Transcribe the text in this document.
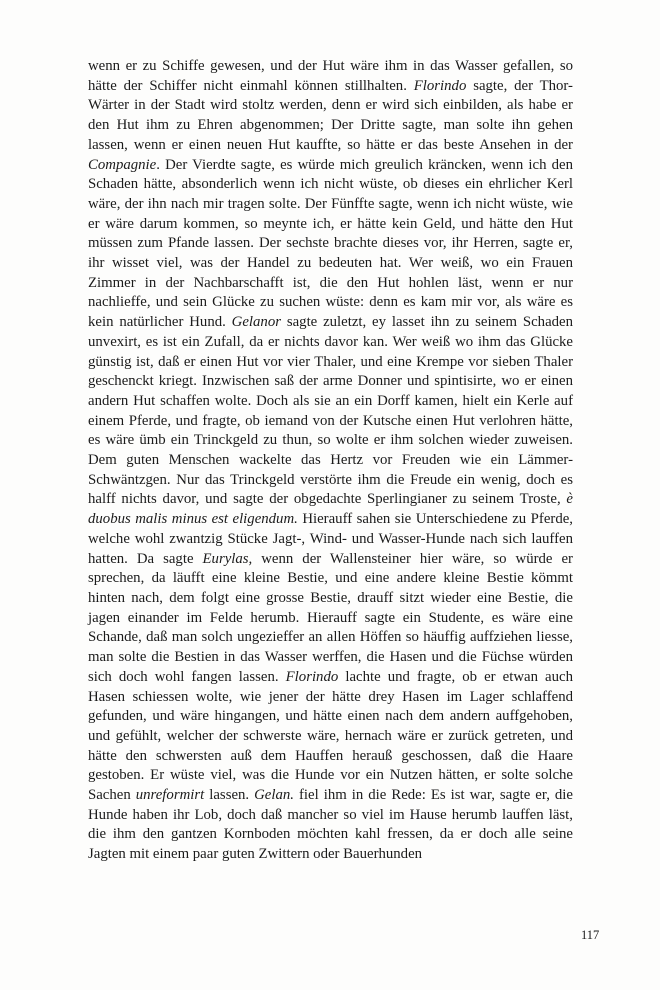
wenn er zu Schiffe gewesen, und der Hut wäre ihm in das Wasser gefallen, so hätte der Schiffer nicht einmahl können stillhalten. Florindo sagte, der Thor-Wärter in der Stadt wird stoltz werden, denn er wird sich einbilden, als habe er den Hut ihm zu Ehren abgenommen; Der Dritte sagte, man solte ihn gehen lassen, wenn er einen neuen Hut kauffte, so hätte er das beste Ansehen in der Compagnie. Der Vierdte sagte, es würde mich greulich kräncken, wenn ich den Schaden hätte, absonderlich wenn ich nicht wüste, ob dieses ein ehrlicher Kerl wäre, der ihn nach mir tragen solte. Der Fünffte sagte, wenn ich nicht wüste, wie er wäre darum kommen, so meynte ich, er hätte kein Geld, und hätte den Hut müssen zum Pfande lassen. Der sechste brachte dieses vor, ihr Herren, sagte er, ihr wisset viel, was der Handel zu bedeuten hat. Wer weiß, wo ein Frauen Zimmer in der Nachbarschafft ist, die den Hut hohlen läst, wenn er nur nachlieffe, und sein Glücke zu suchen wüste: denn es kam mir vor, als wäre es kein natürlicher Hund. Gelanor sagte zuletzt, ey lasset ihn zu seinem Schaden unvexirt, es ist ein Zufall, da er nichts davor kan. Wer weiß wo ihm das Glücke günstig ist, daß er einen Hut vor vier Thaler, und eine Krempe vor sieben Thaler geschenckt kriegt. Inzwischen saß der arme Donner und spintisirte, wo er einen andern Hut schaffen wolte. Doch als sie an ein Dorff kamen, hielt ein Kerle auf einem Pferde, und fragte, ob iemand von der Kutsche einen Hut verlohren hätte, es wäre ümb ein Trinckgeld zu thun, so wolte er ihm solchen wieder zuweisen. Dem guten Menschen wackelte das Hertz vor Freuden wie ein Lämmer-Schwäntzgen. Nur das Trinckgeld verstörte ihm die Freude ein wenig, doch es halff nichts davor, und sagte der obgedachte Sperlingianer zu seinem Troste, è duobus malis minus est eligendum. Hierauff sahen sie Unterschiedene zu Pferde, welche wohl zwantzig Stücke Jagt-, Wind- und Wasser-Hunde nach sich lauffen hatten. Da sagte Eurylas, wenn der Wallensteiner hier wäre, so würde er sprechen, da läufft eine kleine Bestie, und eine andere kleine Bestie kömmt hinten nach, dem folgt eine grosse Bestie, drauff sitzt wieder eine Bestie, die jagen einander im Felde herumb. Hierauff sagte ein Studente, es wäre eine Schande, daß man solch ungezieffer an allen Höffen so häuffig auffziehen liesse, man solte die Bestien in das Wasser werffen, die Hasen und die Füchse würden sich doch wohl fangen lassen. Florindo lachte und fragte, ob er etwan auch Hasen schiessen wolte, wie jener der hätte drey Hasen im Lager schlaffend gefunden, und wäre hingangen, und hätte einen nach dem andern auffgehoben, und gefühlt, welcher der schwerste wäre, hernach wäre er zurück getreten, und hätte den schwersten auß dem Hauffen herauß geschossen, daß die Haare gestoben. Er wüste viel, was die Hunde vor ein Nutzen hätten, er solte solche Sachen unreformirt lassen. Gelan. fiel ihm in die Rede: Es ist war, sagte er, die Hunde haben ihr Lob, doch daß mancher so viel im Hause herumb lauffen läst, die ihm den gantzen Kornboden möchten kahl fressen, da er doch alle seine Jagten mit einem paar guten Zwittern oder Bauerhunden
117
